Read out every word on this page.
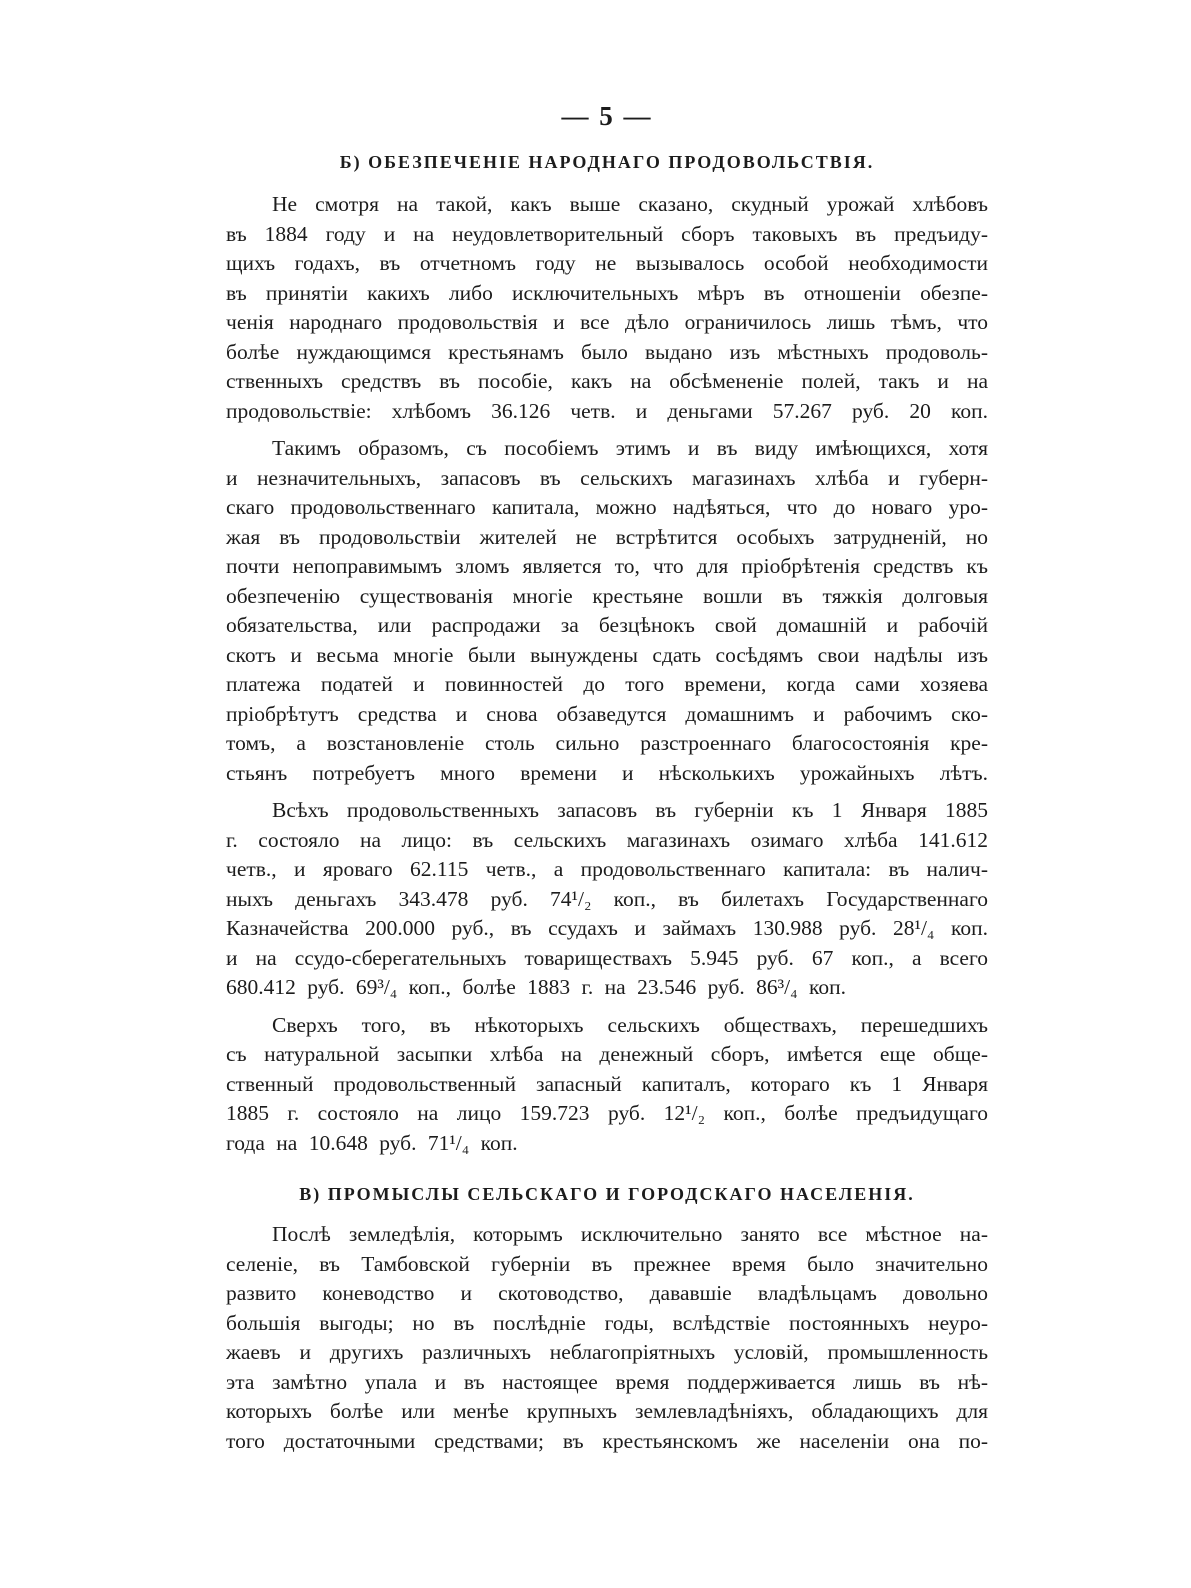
— 5 —
Б) ОБЕЗПЕЧЕНІЕ НАРОДНАГО ПРОДОВОЛЬСТВІЯ.
Не смотря на такой, какъ выше сказано, скудный урожай хлѣбовъ
въ 1884 году и на неудовлетворительный сборъ таковыхъ въ предъиду-
щихъ годахъ, въ отчетномъ году не вызывалось особой необходимости
въ принятіи какихъ либо исключительныхъ мѣръ въ отношеніи обезпе-
ченія народнаго продовольствія и все дѣло ограничилось лишь тѣмъ, что
болѣе нуждающимся крестьянамъ было выдано изъ мѣстныхъ продоволь-
ственныхъ средствъ въ пособіе, какъ на обсѣмененіе полей, такъ и на
продовольствіе: хлѣбомъ 36.126 четв. и деньгами 57.267 руб. 20 коп.
Такимъ образомъ, съ пособіемъ этимъ и въ виду имѣющихся, хотя
и незначительныхъ, запасовъ въ сельскихъ магазинахъ хлѣба и губерн-
скаго продовольственнаго капитала, можно надѣяться, что до новаго уро-
жая въ продовольствіи жителей не встрѣтится особыхъ затрудненій, но
почти непоправимымъ зломъ является то, что для пріобрѣтенія средствъ къ
обезпеченію существованія многіе крестьяне вошли въ тяжкія долговыя
обязательства, или распродажи за безцѣнокъ свой домашній и рабочій
скотъ и весьма многіе были вынуждены сдать сосѣдямъ свои надѣлы изъ
платежа податей и повинностей до того времени, когда сами хозяева
пріобрѣтутъ средства и снова обзаведутся домашнимъ и рабочимъ ско-
томъ, а возстановленіе столь сильно разстроеннаго благосостоянія кре-
стьянъ потребуетъ много времени и нѣсколькихъ урожайныхъ лѣтъ.
Всѣхъ продовольственныхъ запасовъ въ губерніи къ 1 Января 1885
г. состояло на лицо: въ сельскихъ магазинахъ озимаго хлѣба 141.612
четв., и яроваго 62.115 четв., а продовольственнаго капитала: въ налич-
ныхъ деньгахъ 343.478 руб. 74¹/₂ коп., въ билетахъ Государственнаго
Казначейства 200.000 руб., въ ссудахъ и займахъ 130.988 руб. 28¹/₄ коп.
и на ссудо-сберегательныхъ товариществахъ 5.945 руб. 67 коп., а всего
680.412 руб. 69³/₄ коп., болѣе 1883 г. на 23.546 руб. 86³/₄ коп.
Сверхъ того, въ нѣкоторыхъ сельскихъ обществахъ, перешедшихъ
съ натуральной засыпки хлѣба на денежный сборъ, имѣется еще обще-
ственный продовольственный запасный капиталъ, котораго къ 1 Января
1885 г. состояло на лицо 159.723 руб. 12¹/₂ коп., болѣе предъидущаго
года на 10.648 руб. 71¹/₄ коп.
В) ПРОМЫСЛЫ СЕЛЬСКАГО И ГОРОДСКАГО НАСЕЛЕНІЯ.
Послѣ земледѣлія, которымъ исключительно занято все мѣстное на-
селеніе, въ Тамбовской губерніи въ прежнее время было значительно
развито коневодство и скотоводство, дававшіе владѣльцамъ довольно
большія выгоды; но въ послѣдніе годы, вслѣдствіе постоянныхъ неуро-
жаевъ и другихъ различныхъ неблагопріятныхъ условій, промышленность
эта замѣтно упала и въ настоящее время поддерживается лишь въ нѣ-
которыхъ болѣе или менѣе крупныхъ землевладѣніяхъ, обладающихъ для
того достаточными средствами; въ крестьянскомъ же населеніи она по-
